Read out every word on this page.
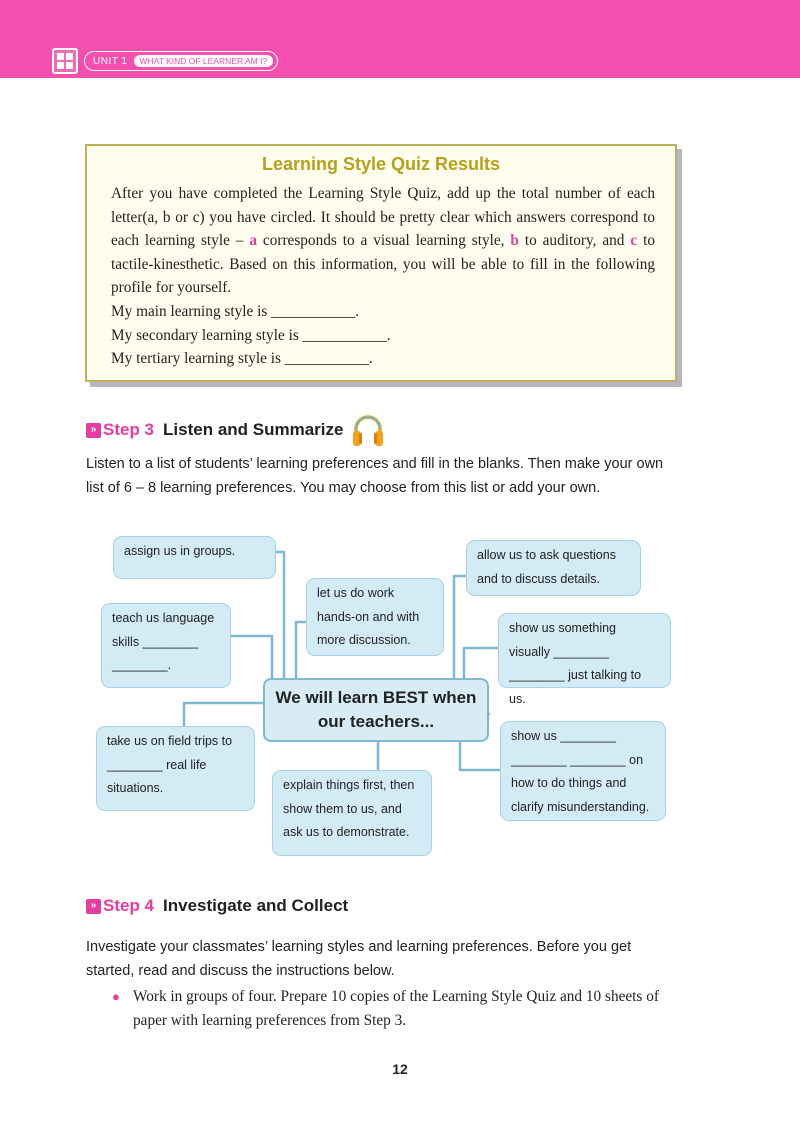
UNIT 1	WHAT KIND OF LEARNER AM I?
Learning Style Quiz Results

After you have completed the Learning Style Quiz, add up the total number of each letter(a, b or c) you have circled. It should be pretty clear which answers correspond to each learning style – a corresponds to a visual learning style, b to auditory, and c to tactile-kinesthetic. Based on this information, you will be able to fill in the following profile for yourself.

My main learning style is ___________.

My secondary learning style is ___________.

My tertiary learning style is ___________.

» Step 3 Listen and Summarize
Listen to a list of students’ learning preferences and fill in the blanks. Then make your own list of 6 – 8 learning preferences. You may choose from this list or add your own.
assign us in groups.
teach us language skills ________ ________.
take us on field trips to ________ real life situations.
let us do work hands-on and with more discussion.
explain things first, then show them to us, and ask us to demonstrate.
allow us to ask questions and to discuss details.
show us something visually ________ ________ just talking to us.
show us ________ ________ ________ on how to do things and clarify misunderstanding.
We will learn BEST when our teachers...
» Step 4 Investigate and Collect
Investigate your classmates’ learning styles and learning preferences. Before you get started, read and discuss the instructions below.
● Work in groups of four. Prepare 10 copies of the Learning Style Quiz and 10 sheets of paper with learning preferences from Step 3.
12
